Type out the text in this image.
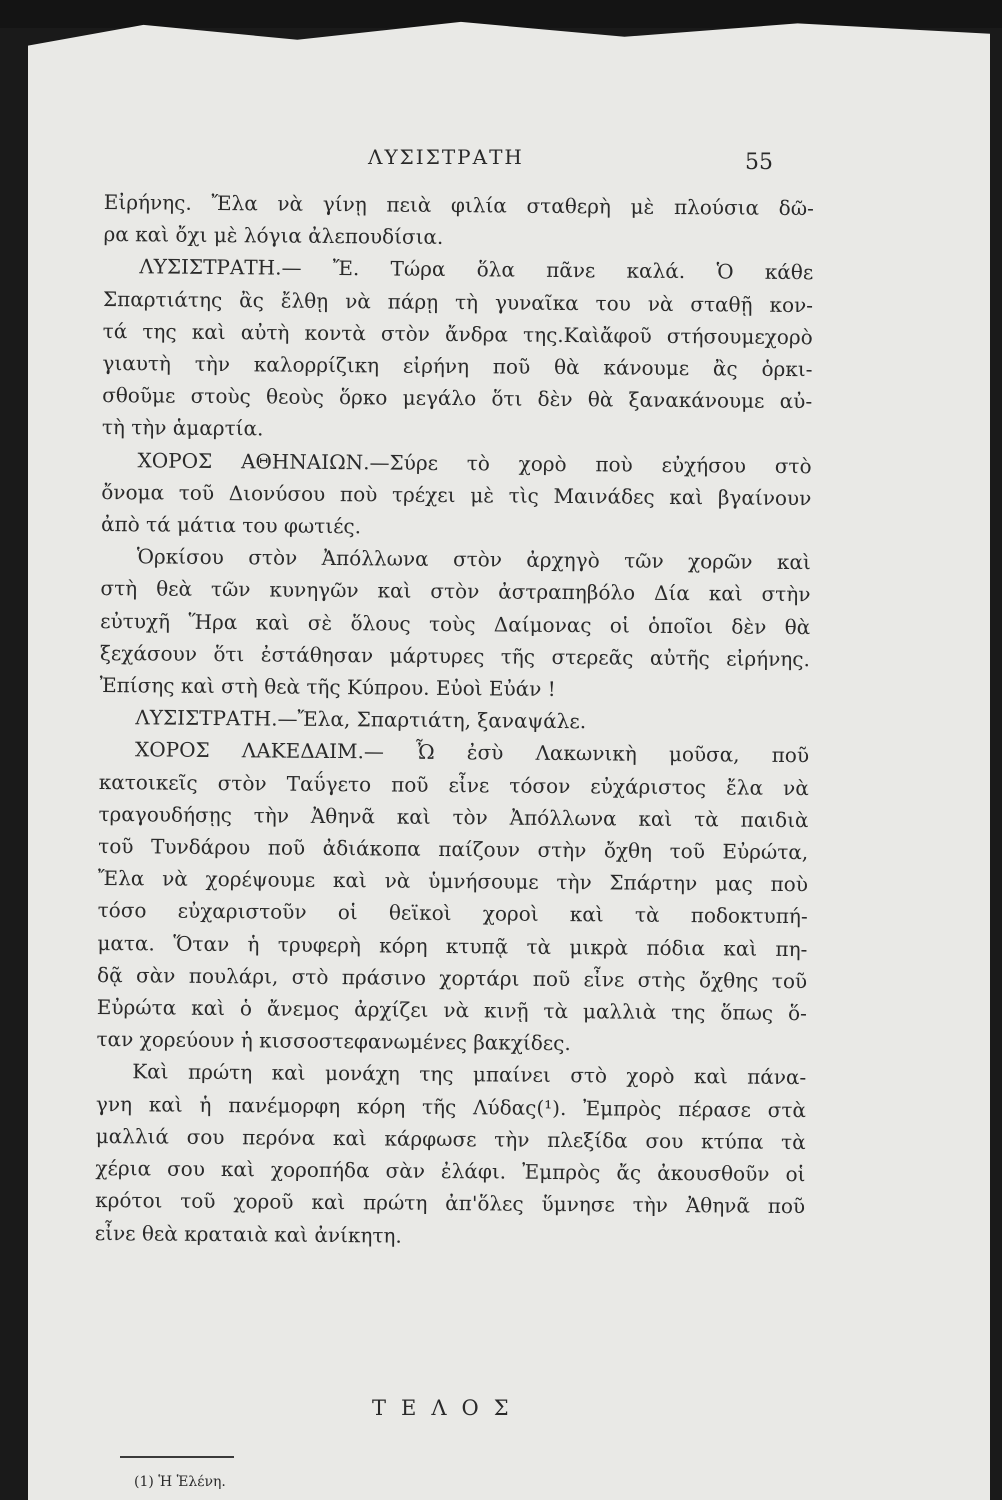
ΛΥΣΙΣΤΡΑΤΗ	55

Εἰρήνης. Ἔλα νὰ γίνῃ πειὰ φιλία σταθερὴ μὲ πλούσια δῶ-
ρα καὶ ὄχι μὲ λόγια ἀλεπουδίσια.

ΛΥΣΙΣΤΡΑΤΗ.— Ἔ. Τώρα ὅλα πᾶνε καλά. Ὁ κάθε
Σπαρτιάτης ἂς ἔλθῃ νὰ πάρῃ τὴ γυναῖκα του νὰ σταθῇ κον-
τά της καὶ αὐτὴ κοντὰ στὸν ἄνδρα της.Καὶἄφοῦ στήσουμεχορὸ
γιαυτὴ τὴν καλορρίζικη εἰρήνη ποῦ θὰ κάνουμε ἂς ὁρκι-
σθοῦμε στοὺς θεοὺς ὅρκο μεγάλο ὅτι δὲν θὰ ξανακάνουμε αὐ-
τὴ τὴν ἁμαρτία.

ΧΟΡΟΣ ΑΘΗΝΑΙΩΝ.—Σύρε τὸ χορὸ ποὺ εὐχήσου στὸ
ὄνομα τοῦ Διονύσου ποὺ τρέχει μὲ τὶς Μαινάδες καὶ βγαίνουν
ἀπὸ τά μάτια του φωτιές.

Ὁρκίσου στὸν Ἀπόλλωνα στὸν ἀρχηγὸ τῶν χορῶν καὶ
στὴ θεὰ τῶν κυνηγῶν καὶ στὸν ἀστραπηβόλο Δία καὶ στὴν
εὐτυχῆ Ἥρα καὶ σὲ ὅλους τοὺς Δαίμονας οἱ ὁποῖοι δὲν θὰ
ξεχάσουν ὅτι ἐστάθησαν μάρτυρες τῆς στερεᾶς αὐτῆς εἰρήνης.
Ἐπίσης καὶ στὴ θεὰ τῆς Κύπρου. Εὐοὶ Εὐάν !

ΛΥΣΙΣΤΡΑΤΗ.—Ἔλα, Σπαρτιάτη, ξαναψάλε.

ΧΟΡΟΣ ΛΑΚΕΔΑΙΜ.— Ὦ ἐσὺ Λακωνικὴ μοῦσα, ποῦ
κατοικεῖς στὸν Ταΰγετο ποῦ εἶνε τόσον εὐχάριστος ἔλα νὰ
τραγουδήσῃς τὴν Ἀθηνᾶ καὶ τὸν Ἀπόλλωνα καὶ τὰ παιδιὰ
τοῦ Τυνδάρου ποῦ ἀδιάκοπα παίζουν στὴν ὄχθη τοῦ Εὐρώτα,
Ἔλα νὰ χορέψουμε καὶ νὰ ὑμνήσουμε τὴν Σπάρτην μας ποὺ
τόσο εὐχαριστοῦν οἱ θεϊκοὶ χοροὶ καὶ τὰ ποδοκτυπή-
ματα. Ὅταν ἡ τρυφερὴ κόρη κτυπᾷ τὰ μικρὰ πόδια καὶ πη-
δᾷ σὰν πουλάρι, στὸ πράσινο χορτάρι ποῦ εἶνε στὴς ὄχθης τοῦ
Εὐρώτα καὶ ὁ ἄνεμος ἀρχίζει νὰ κινῇ τὰ μαλλιὰ της ὅπως ὅ-
ταν χορεύουν ἡ κισσοστεφανωμένες βακχίδες.

Καὶ πρώτη καὶ μονάχη της μπαίνει στὸ χορὸ καὶ πάνα-
γνη καὶ ἡ πανέμορφη κόρη τῆς Λύδας(¹). Ἐμπρὸς πέρασε στὰ
μαλλιά σου περόνα καὶ κάρφωσε τὴν πλεξίδα σου κτύπα τὰ
χέρια σου καὶ χοροπήδα σὰν ἐλάφι. Ἐμπρὸς ἄς ἀκουσθοῦν οἱ
κρότοι τοῦ χοροῦ καὶ πρώτη ἀπ'ὅλες ὕμνησε τὴν Ἀθηνᾶ ποῦ
εἶνε θεὰ κραταιὰ καὶ ἀνίκητη.

(1) Ἡ Ἑλένη.
ΤΕΛΟΣ
